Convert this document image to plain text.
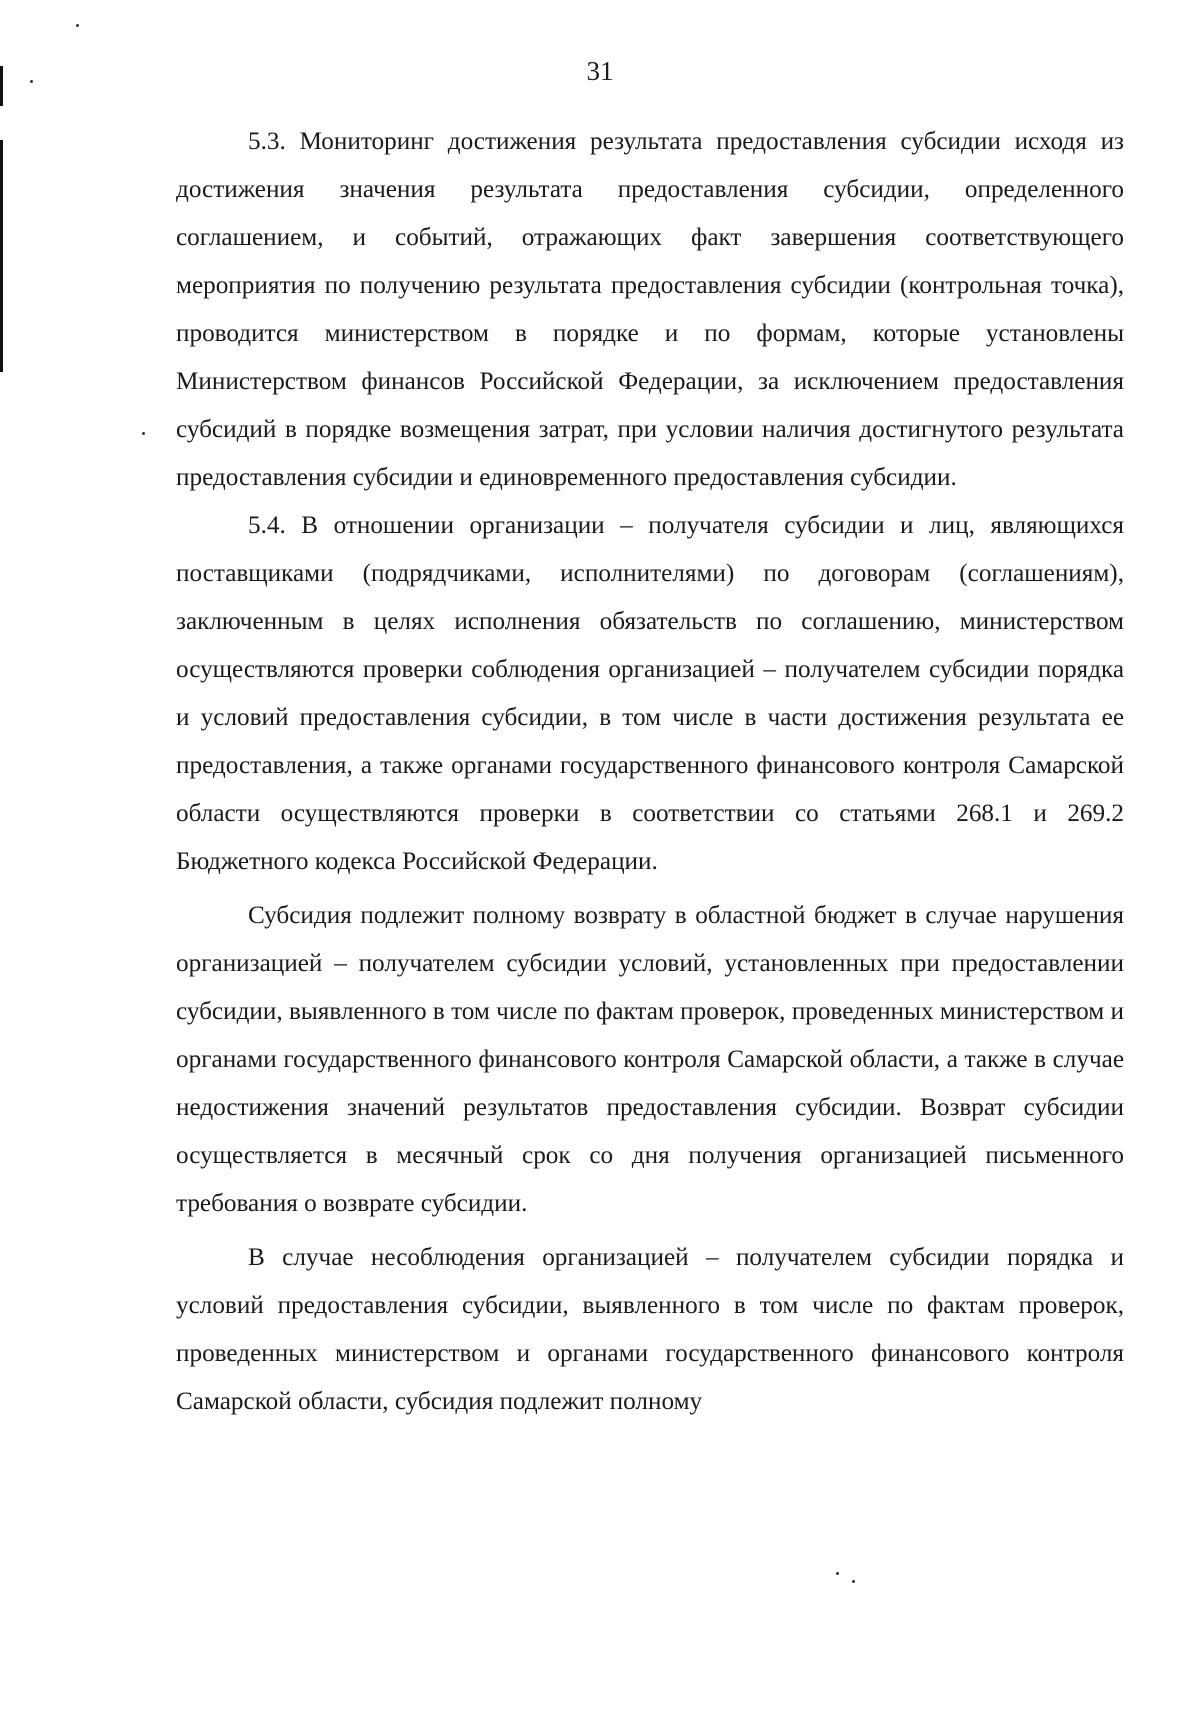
31

5.3. Мониторинг достижения результата предоставления субсидии исходя из достижения значения результата предоставления субсидии, определенного соглашением, и событий, отражающих факт завершения соответствующего мероприятия по получению результата предоставления субсидии (контрольная точка), проводится министерством в порядке и по формам, которые установлены Министерством финансов Российской Федерации, за исключением предоставления субсидий в порядке возмещения затрат, при условии наличия достигнутого результата предоставления субсидии и единовременного предоставления субсидии.

5.4. В отношении организации – получателя субсидии и лиц, являющихся поставщиками (подрядчиками, исполнителями) по договорам (соглашениям), заключенным в целях исполнения обязательств по соглашению, министерством осуществляются проверки соблюдения организацией – получателем субсидии порядка и условий предоставления субсидии, в том числе в части достижения результата ее предоставления, а также органами государственного финансового контроля Самарской области осуществляются проверки в соответствии со статьями 268.1 и 269.2 Бюджетного кодекса Российской Федерации.

Субсидия подлежит полному возврату в областной бюджет в случае нарушения организацией – получателем субсидии условий, установленных при предоставлении субсидии, выявленного в том числе по фактам проверок, проведенных министерством и органами государственного финансового контроля Самарской области, а также в случае недостижения значений результатов предоставления субсидии. Возврат субсидии осуществляется в месячный срок со дня получения организацией письменного требования о возврате субсидии.

В случае несоблюдения организацией – получателем субсидии порядка и условий предоставления субсидии, выявленного в том числе по фактам проверок, проведенных министерством и органами государственного финансового контроля Самарской области, субсидия подлежит полному
